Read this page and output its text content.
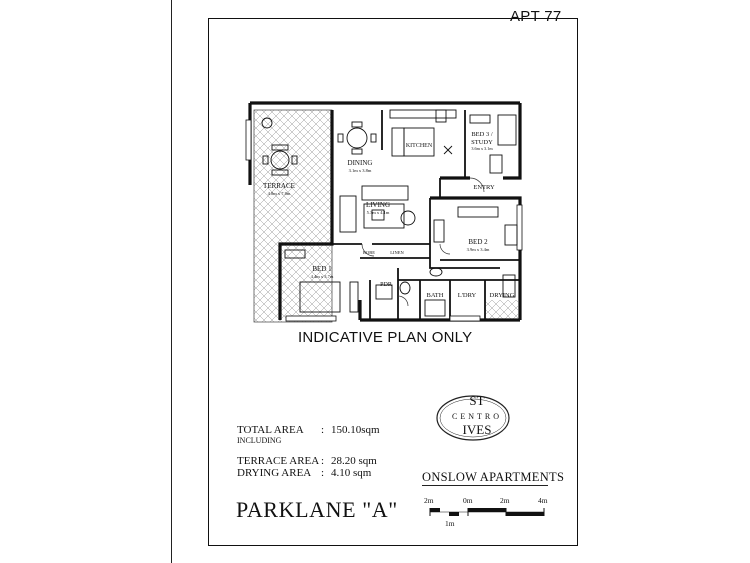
APT 77
TERRACE
4.8m x 7.8m
DINING
3.1m x 3.8m
KITCHEN
BED 3 /
STUDY
3.6m x 3.1m
ENTRY
LIVING
5.3m x 4.1m
BED 2
3.9m x 3.4m
ROBE	LINEN
BED 1
4.4m x 3.7m
PDR
BATH L'DRY DRYING
INDICATIVE PLAN ONLY
TOTAL AREA : 150.10sqm
INCLUDING
TERRACE AREA : 28.20 sqm
DRYING AREA : 4.10 sqm
ST
CENTRO
IVES
ONSLOW APARTMENTS
PARKLANE "A"	2m	0m	2m	4m
1m
